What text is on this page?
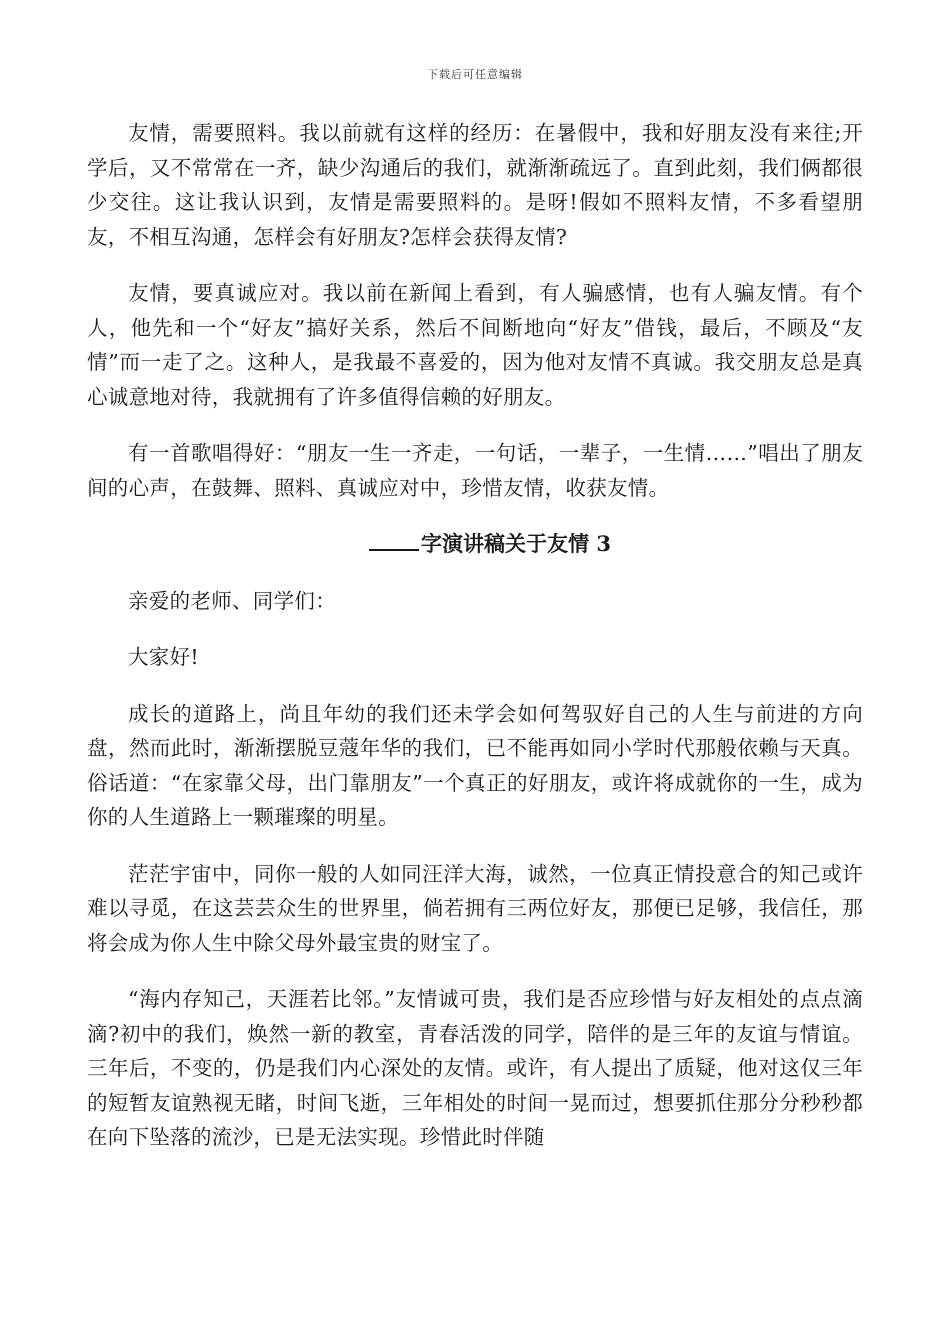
下载后可任意编辑

友情，需要照料。我以前就有这样的经历：在暑假中，我和好朋友没有来往;开学后，又不常常在一齐，缺少沟通后的我们，就渐渐疏远了。直到此刻，我们俩都很少交往。这让我认识到，友情是需要照料的。是呀!假如不照料友情，不多看望朋友，不相互沟通，怎样会有好朋友?怎样会获得友情?

友情，要真诚应对。我以前在新闻上看到，有人骗感情，也有人骗友情。有个人，他先和一个“好友”搞好关系，然后不间断地向“好友”借钱，最后，不顾及“友情”而一走了之。这种人，是我最不喜爱的，因为他对友情不真诚。我交朋友总是真心诚意地对待，我就拥有了许多值得信赖的好朋友。

有一首歌唱得好：“朋友一生一齐走，一句话，一辈子，一生情……”唱出了朋友间的心声，在鼓舞、照料、真诚应对中，珍惜友情，收获友情。

字演讲稿关于友情 3

亲爱的老师、同学们：

大家好!

成长的道路上，尚且年幼的我们还未学会如何驾驭好自己的人生与前进的方向盘，然而此时，渐渐摆脱豆蔻年华的我们，已不能再如同小学时代那般依赖与天真。俗话道：“在家靠父母，出门靠朋友”一个真正的好朋友，或许将成就你的一生，成为你的人生道路上一颗璀璨的明星。

茫茫宇宙中，同你一般的人如同汪洋大海，诚然，一位真正情投意合的知己或许难以寻觅，在这芸芸众生的世界里，倘若拥有三两位好友，那便已足够，我信任，那将会成为你人生中除父母外最宝贵的财宝了。

“海内存知己，天涯若比邻。”友情诚可贵，我们是否应珍惜与好友相处的点点滴滴?初中的我们，焕然一新的教室，青春活泼的同学，陪伴的是三年的友谊与情谊。三年后，不变的，仍是我们内心深处的友情。或许，有人提出了质疑，他对这仅三年的短暂友谊熟视无睹，时间飞逝，三年相处的时间一晃而过，想要抓住那分分秒秒都在向下坠落的流沙，已是无法实现。珍惜此时伴随
